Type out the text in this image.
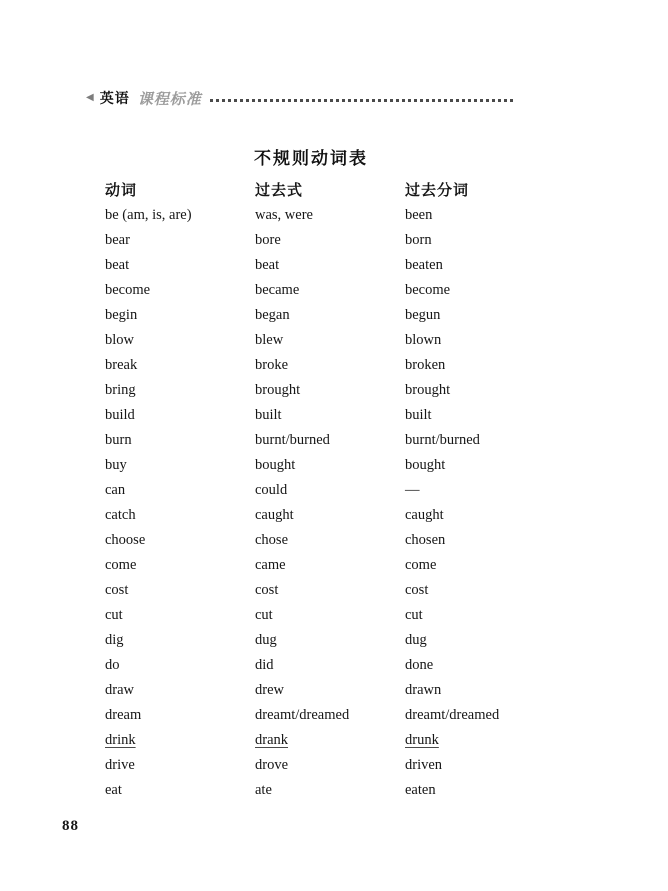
◀ 英语 课程标准
不规则动词表
动词	过去式	过去分词
be (am, is, are)	was, were	been
bear	bore	born
beat	beat	beaten
become	became	become
begin	began	begun
blow	blew	blown
break	broke	broken
bring	brought	brought
build	built	built
burn	burnt/burned	burnt/burned
buy	bought	bought
can	could	—
catch	caught	caught
choose	chose	chosen
come	came	come
cost	cost	cost
cut	cut	cut
dig	dug	dug
do	did	done
draw	drew	drawn
dream	dreamt/dreamed	dreamt/dreamed
drink	drank	drunk
drive	drove	driven
eat	ate	eaten
88
